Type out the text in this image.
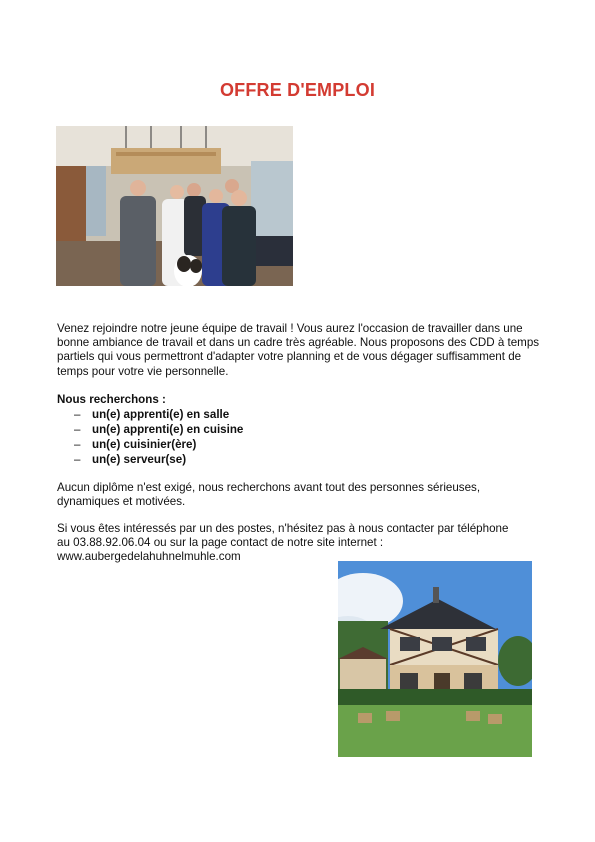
OFFRE D'EMPLOI
Venez rejoindre notre jeune équipe de travail ! Vous aurez l'occasion de travailler dans une bonne ambiance de travail et dans un cadre très agréable. Nous proposons des CDD à temps partiels qui vous permettront d'adapter votre planning et de vous dégager suffisamment de temps pour votre vie personnelle.
Nous recherchons :
– un(e) apprenti(e) en salle
– un(e) apprenti(e) en cuisine
– un(e) cuisinier(ère)
– un(e) serveur(se)
Aucun diplôme n'est exigé, nous recherchons avant tout des personnes sérieuses, dynamiques et motivées.
Si vous êtes intéressés par un des postes, n'hésitez pas à nous contacter par téléphone
au 03.88.92.06.04 ou sur la page contact de notre site internet :
www.aubergedelahuhnelmuhle.com
